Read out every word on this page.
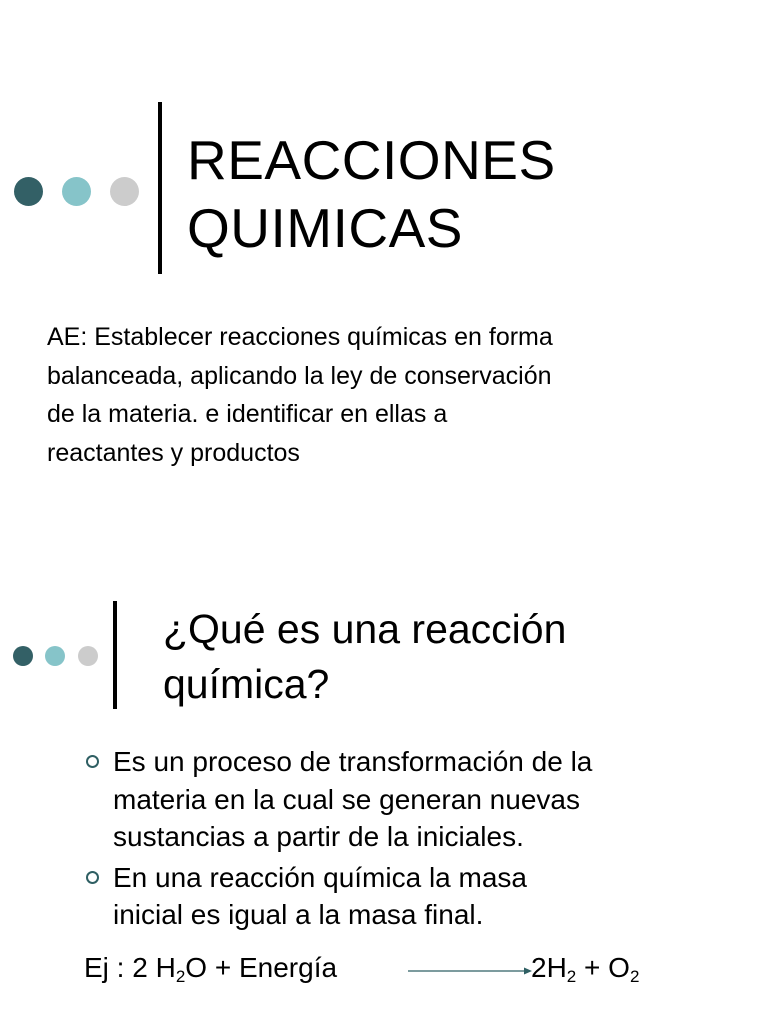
REACCIONES
QUIMICAS
AE: Establecer reacciones químicas en forma
balanceada, aplicando la ley de conservación
de la materia. e identificar en ellas a
reactantes y productos
¿Qué es una reacción
química?
Es un proceso de transformación de la
materia en la cual se generan nuevas
sustancias a partir de la iniciales.
En una reacción química la masa
inicial es igual a la masa final.
Ej : 2 $H_2O$ + Energía	$2H_2 + O_2$
